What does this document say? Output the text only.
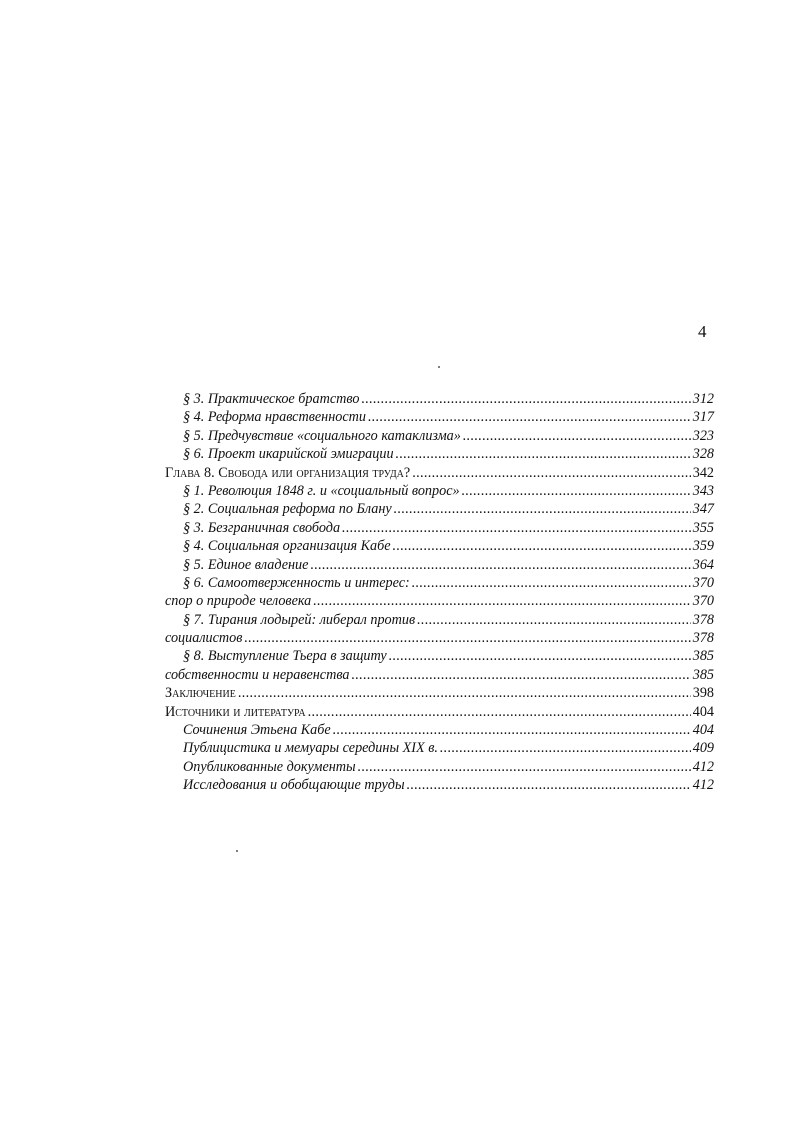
4
§ 3. Практическое братство . . .	312
§ 4. Реформа нравственности . . .	317
§ 5. Предчувствие «социального катаклизма» . . .	323
§ 6. Проект икарийской эмиграции . . .	328
Глава 8. Свобода или организация труда? . . .	342
§ 1. Революция 1848 г. и «социальный вопрос» . . .	343
§ 2. Социальная реформа по Блану . . .	347
§ 3. Безграничная свобода . . .	355
§ 4. Социальная организация Кабе . . .	359
§ 5. Единое владение . . .	364
§ 6. Самоотверженность и интерес: . . .	370
спор о природе человека . . .	370
§ 7. Тирания лодырей: либерал против . . .	378
социалистов . . .	378
§ 8. Выступление Тьера в защиту . . .	385
собственности и неравенства . . .	385
Заключение . . .	398
Источники и литература . . .	404
Сочинения Этьена Кабе . . .	404
Публицистика и мемуары середины XIX в. . . .	409
Опубликованные документы . . .	412
Исследования и обобщающие труды . . .	412
